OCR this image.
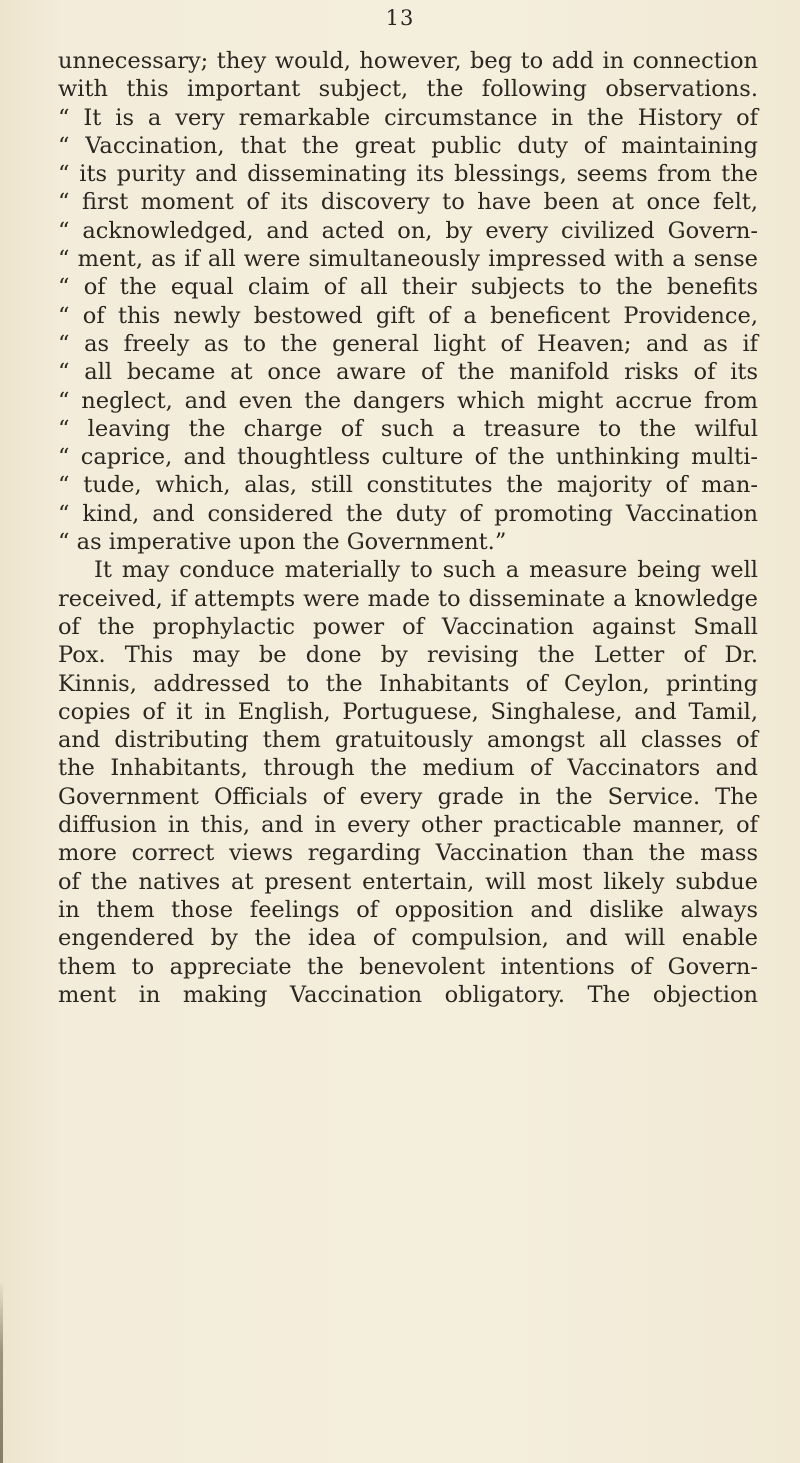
13
unnecessary; they would, however, beg to add in connection
with this important subject, the following observations.
“ It is a very remarkable circumstance in the History of
“ Vaccination, that the great public duty of maintaining
“ its purity and disseminating its blessings, seems from the
“ first moment of its discovery to have been at once felt,
“ acknowledged, and acted on, by every civilized Govern-
“ ment, as if all were simultaneously impressed with a sense
“ of the equal claim of all their subjects to the benefits
“ of this newly bestowed gift of a beneficent Providence,
“ as freely as to the general light of Heaven; and as if
“ all became at once aware of the manifold risks of its
“ neglect, and even the dangers which might accrue from
“ leaving the charge of such a treasure to the wilful
“ caprice, and thoughtless culture of the unthinking multi-
“ tude, which, alas, still constitutes the majority of man-
“ kind, and considered the duty of promoting Vaccination
“ as imperative upon the Government.”
It may conduce materially to such a measure being well
received, if attempts were made to disseminate a knowledge
of the prophylactic power of Vaccination against Small
Pox. This may be done by revising the Letter of Dr.
Kinnis, addressed to the Inhabitants of Ceylon, printing
copies of it in English, Portuguese, Singhalese, and Tamil,
and distributing them gratuitously amongst all classes of
the Inhabitants, through the medium of Vaccinators and
Government Officials of every grade in the Service. The
diffusion in this, and in every other practicable manner, of
more correct views regarding Vaccination than the mass
of the natives at present entertain, will most likely subdue
in them those feelings of opposition and dislike always
engendered by the idea of compulsion, and will enable
them to appreciate the benevolent intentions of Govern-
ment in making Vaccination obligatory. The objection
